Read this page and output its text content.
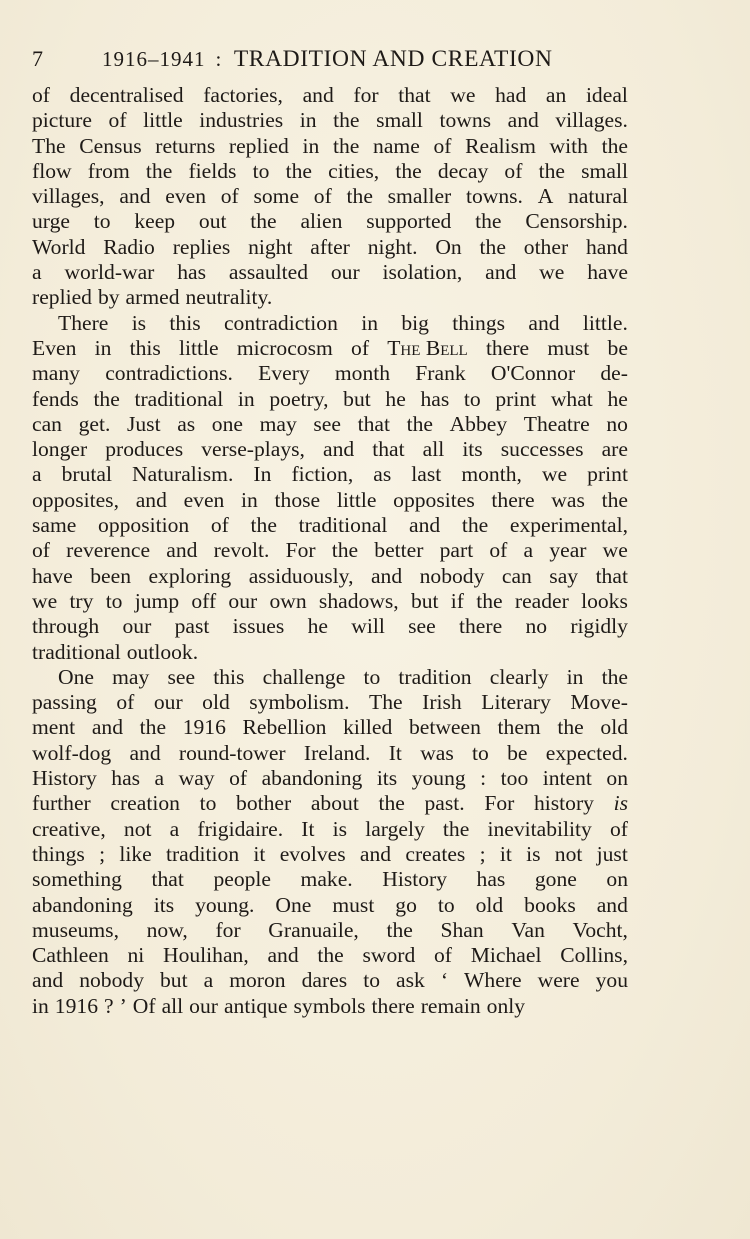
7	1916–1941 : TRADITION AND CREATION
of decentralised factories, and for that we had an ideal
picture of little industries in the small towns and villages.
The Census returns replied in the name of Realism with the
flow from the fields to the cities, the decay of the small
villages, and even of some of the smaller towns. A natural
urge to keep out the alien supported the Censorship.
World Radio replies night after night. On the other hand
a world-war has assaulted our isolation, and we have
replied by armed neutrality.
There is this contradiction in big things and little.
Even in this little microcosm of The Bell there must be
many contradictions. Every month Frank O'Connor de-
fends the traditional in poetry, but he has to print what he
can get. Just as one may see that the Abbey Theatre no
longer produces verse-plays, and that all its successes are
a brutal Naturalism. In fiction, as last month, we print
opposites, and even in those little opposites there was the
same opposition of the traditional and the experimental,
of reverence and revolt. For the better part of a year we
have been exploring assiduously, and nobody can say that
we try to jump off our own shadows, but if the reader looks
through our past issues he will see there no rigidly
traditional outlook.
One may see this challenge to tradition clearly in the
passing of our old symbolism. The Irish Literary Move-
ment and the 1916 Rebellion killed between them the old
wolf-dog and round-tower Ireland. It was to be expected.
History has a way of abandoning its young : too intent on
further creation to bother about the past. For history is
creative, not a frigidaire. It is largely the inevitability of
things ; like tradition it evolves and creates ; it is not just
something that people make. History has gone on
abandoning its young. One must go to old books and
museums, now, for Granuaile, the Shan Van Vocht,
Cathleen ni Houlihan, and the sword of Michael Collins,
and nobody but a moron dares to ask ‘ Where were you
in 1916 ? ’ Of all our antique symbols there remain only
